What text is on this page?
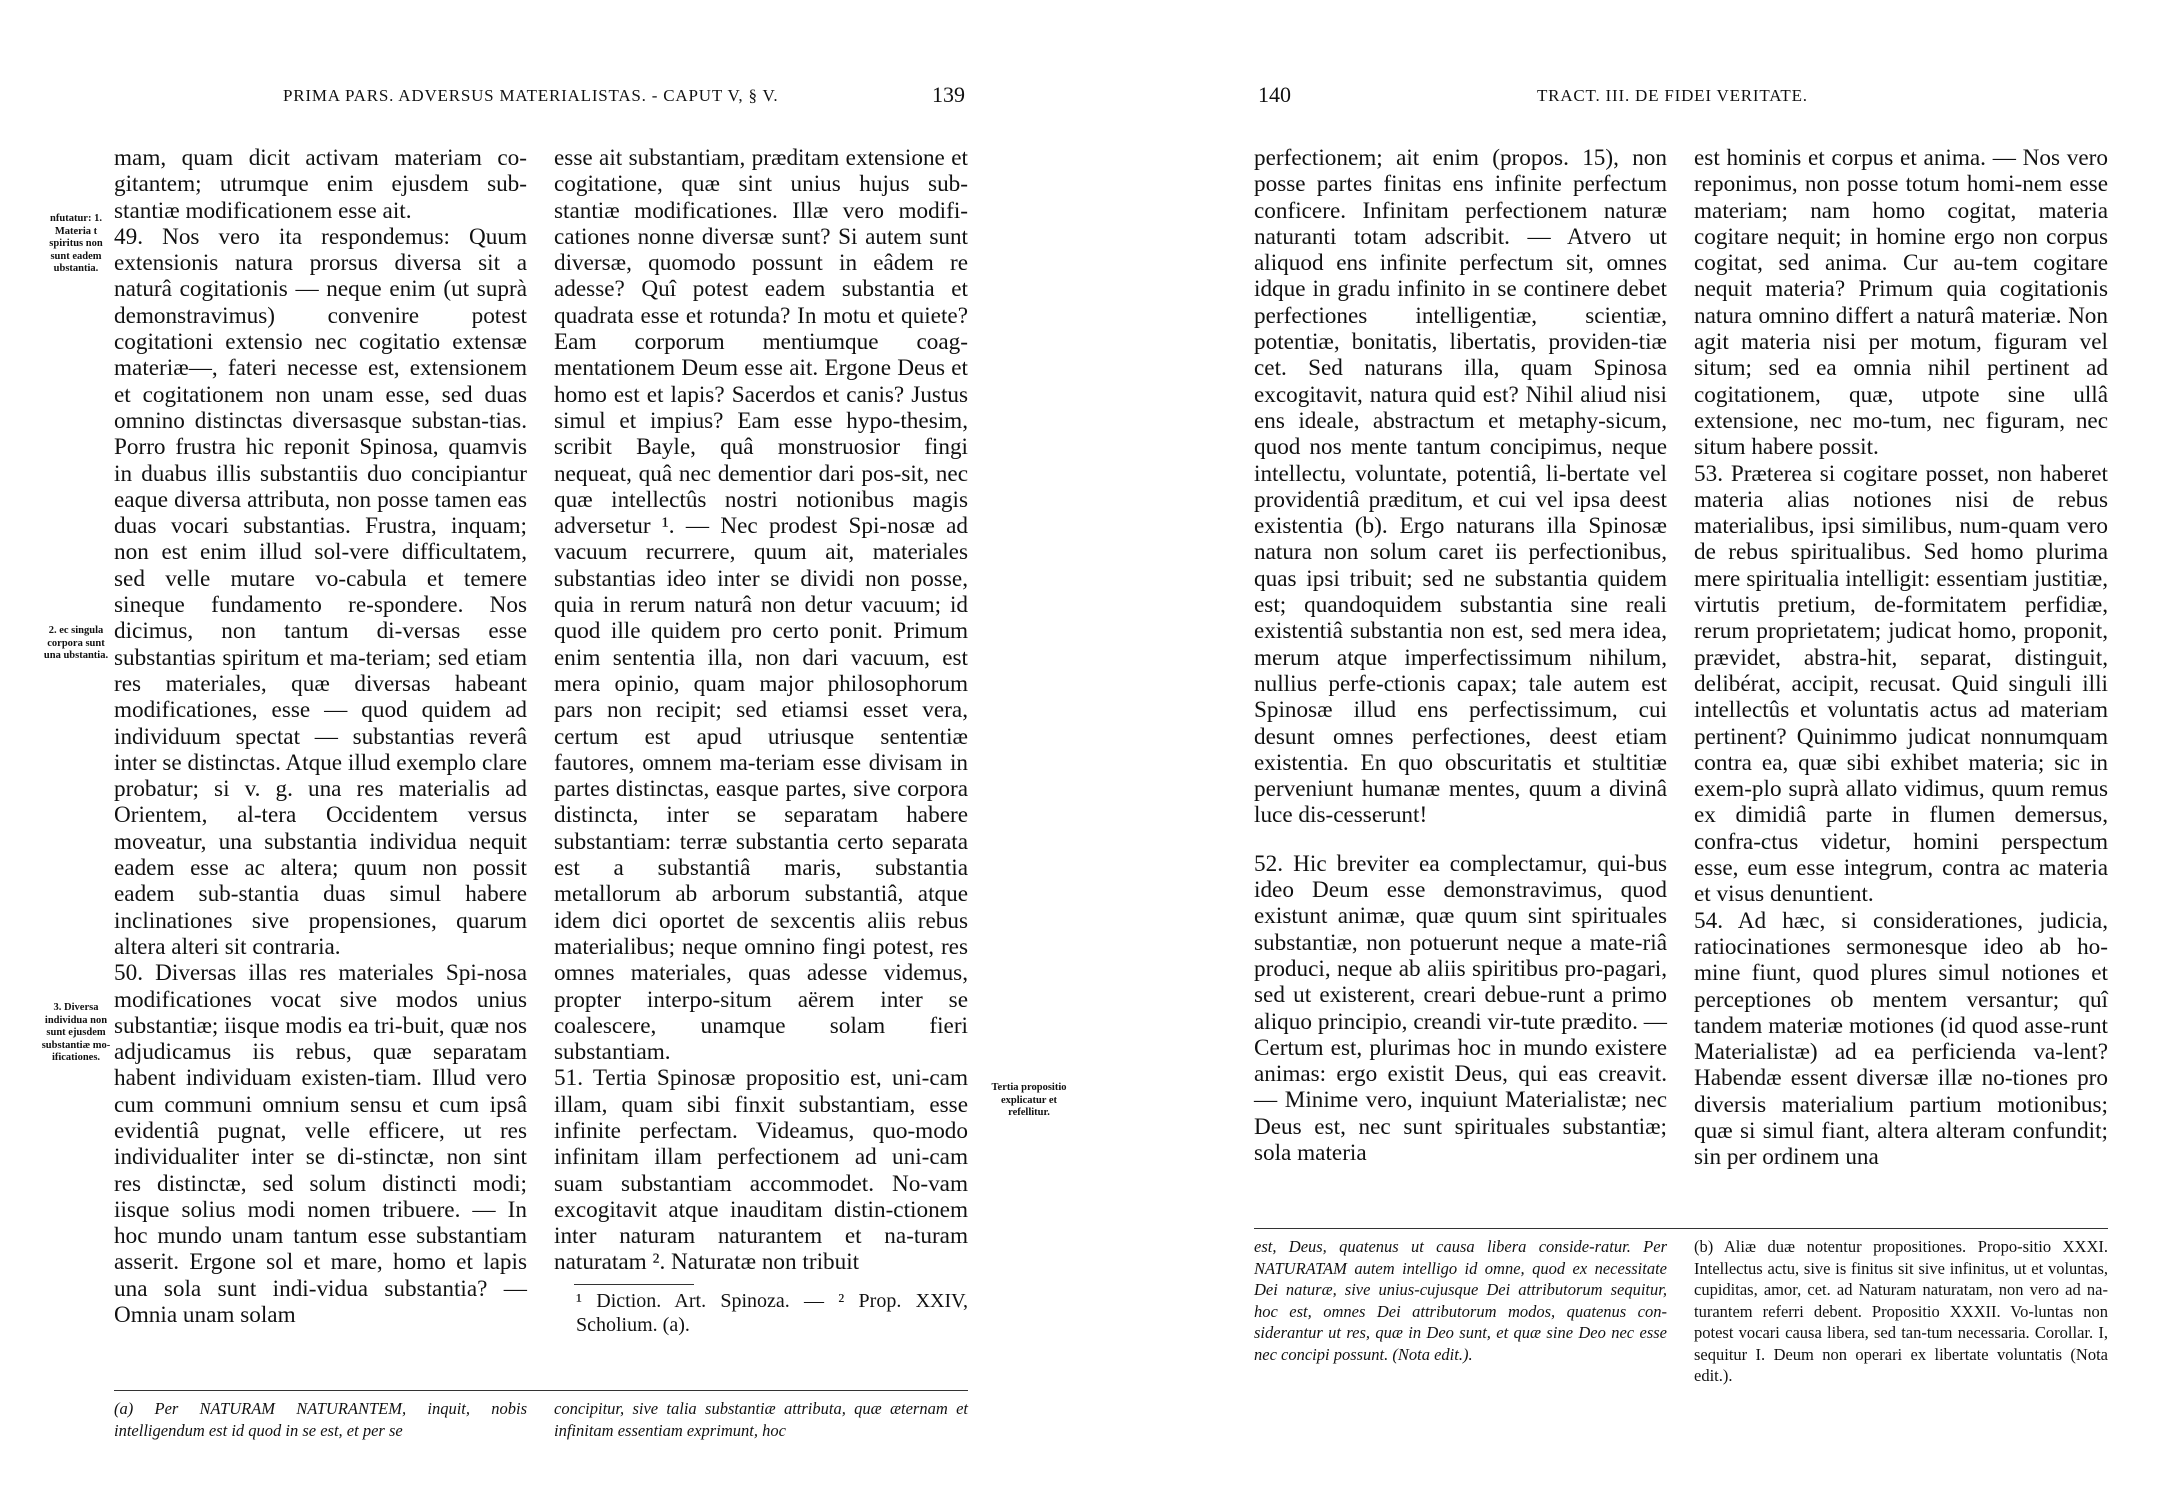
PRIMA PARS. ADVERSUS MATERIALISTAS. - CAPUT V, § V.	139
nfutatur: 1. Materia t spiritus non sunt eadem ubstantia.
2. ec singula corpora sunt una ubstantia.
3. Diversa individua non sunt ejusdem substantiæ mo-ificationes.
Tertia propositio explicatur et refellitur.

mam, quam dicit activam materiam co-gitantem; utrumque enim ejusdem sub-stantiæ modificationem esse ait.

49. Nos vero ita respondemus: Quum extensionis natura prorsus diversa sit a naturâ cogitationis — neque enim (ut suprà demonstravimus) convenire potest cogitationi extensio nec cogitatio extensæ materiæ—, fateri necesse est, extensionem et cogitationem non unam esse, sed duas omnino distinctas diversasque substan-tias. Porro frustra hic reponit Spinosa, quamvis in duabus illis substantiis duo concipiantur eaque diversa attributa, non posse tamen eas duas vocari substantias. Frustra, inquam; non est enim illud sol-vere difficultatem, sed velle mutare vo-cabula et temere sineque fundamento re-spondere. Nos dicimus, non tantum di-versas esse substantias spiritum et ma-teriam; sed etiam res materiales, quæ diversas habeant modificationes, esse — quod quidem ad individuum spectat — substantias reverâ inter se distinctas. Atque illud exemplo clare probatur; si v. g. una res materialis ad Orientem, al-tera Occidentem versus moveatur, una substantia individua nequit eadem esse ac altera; quum non possit eadem sub-stantia duas simul habere inclinationes sive propensiones, quarum altera alteri sit contraria.

50. Diversas illas res materiales Spi-nosa modificationes vocat sive modos unius substantiæ; iisque modis ea tri-buit, quæ nos adjudicamus iis rebus, quæ separatam habent individuam existen-tiam. Illud vero cum communi omnium sensu et cum ipsâ evidentiâ pugnat, velle efficere, ut res individualiter inter se di-stinctæ, non sint res distinctæ, sed solum distincti modi; iisque solius modi nomen tribuere. — In hoc mundo unam tantum esse substantiam asserit. Ergone sol et mare, homo et lapis una sola sunt indi-vidua substantia? — Omnia unam solam

esse ait substantiam, præditam extensione et cogitatione, quæ sint unius hujus sub-stantiæ modificationes. Illæ vero modifi-cationes nonne diversæ sunt? Si autem sunt diversæ, quomodo possunt in eâdem re adesse? Quî potest eadem substantia et quadrata esse et rotunda? In motu et quiete? Eam corporum mentiumque coag-mentationem Deum esse ait. Ergone Deus et homo est et lapis? Sacerdos et canis? Justus simul et impius? Eam esse hypo-thesim, scribit Bayle, quâ monstruosior fingi nequeat, quâ nec dementior dari pos-sit, nec quæ intellectûs nostri notionibus magis adversetur ¹. — Nec prodest Spi-nosæ ad vacuum recurrere, quum ait, materiales substantias ideo inter se dividi non posse, quia in rerum naturâ non detur vacuum; id quod ille quidem pro certo ponit. Primum enim sententia illa, non dari vacuum, est mera opinio, quam major philosophorum pars non recipit; sed etiamsi esset vera, certum est apud utriusque sententiæ fautores, omnem ma-teriam esse divisam in partes distinctas, easque partes, sive corpora distincta, inter se separatam habere substantiam: terræ substantia certo separata est a substantiâ maris, substantia metallorum ab arborum substantiâ, atque idem dici oportet de sexcentis aliis rebus materialibus; neque omnino fingi potest, res omnes materiales, quas adesse videmus, propter interpo-situm aërem inter se coalescere, unamque solam fieri substantiam.

51. Tertia Spinosæ propositio est, uni-cam illam, quam sibi finxit substantiam, esse infinite perfectam. Videamus, quo-modo infinitam illam perfectionem ad uni-cam suam substantiam accommodet. No-vam excogitavit atque inauditam distin-ctionem inter naturam naturantem et na-turam naturatam ². Naturatæ non tribuit

¹ Diction. Art. Spinoza. — ² Prop. XXIV, Scholium. (a).

(a) Per NATURAM NATURANTEM, inquit, nobis intelligendum est id quod in se est, et per se
concipitur, sive talia substantiæ attributa, quæ æternam et infinitam essentiam exprimunt, hoc
140	TRACT. III. DE FIDEI VERITATE.

perfectionem; ait enim (propos. 15), non posse partes finitas ens infinite perfectum conficere. Infinitam perfectionem naturæ naturanti totam adscribit. — Atvero ut aliquod ens infinite perfectum sit, omnes idque in gradu infinito in se continere debet perfectiones intelligentiæ, scientiæ, potentiæ, bonitatis, libertatis, providen-tiæ cet. Sed naturans illa, quam Spinosa excogitavit, natura quid est? Nihil aliud nisi ens ideale, abstractum et metaphy-sicum, quod nos mente tantum concipimus, neque intellectu, voluntate, potentiâ, li-bertate vel providentiâ præditum, et cui vel ipsa deest existentia (b). Ergo naturans illa Spinosæ natura non solum caret iis perfectionibus, quas ipsi tribuit; sed ne substantia quidem est; quandoquidem substantia sine reali existentiâ substantia non est, sed mera idea, merum atque imperfectissimum nihilum, nullius perfe-ctionis capax; tale autem est Spinosæ illud ens perfectissimum, cui desunt omnes perfectiones, deest etiam existentia. En quo obscuritatis et stultitiæ perveniunt humanæ mentes, quum a divinâ luce dis-cesserunt!

52. Hic breviter ea complectamur, qui-bus ideo Deum esse demonstravimus, quod existunt animæ, quæ quum sint spirituales substantiæ, non potuerunt neque a mate-riâ produci, neque ab aliis spiritibus pro-pagari, sed ut existerent, creari debue-runt a primo aliquo principio, creandi vir-tute prædito. — Certum est, plurimas hoc in mundo existere animas: ergo existit Deus, qui eas creavit. — Minime vero, inquiunt Materialistæ; nec Deus est, nec sunt spirituales substantiæ; sola materia

est hominis et corpus et anima. — Nos vero reponimus, non posse totum homi-nem esse materiam; nam homo cogitat, materia cogitare nequit; in homine ergo non corpus cogitat, sed anima. Cur au-tem cogitare nequit materia? Primum quia cogitationis natura omnino differt a naturâ materiæ. Non agit materia nisi per motum, figuram vel situm; sed ea omnia nihil pertinent ad cogitationem, quæ, utpote sine ullâ extensione, nec mo-tum, nec figuram, nec situm habere possit.

53. Præterea si cogitare posset, non haberet materia alias notiones nisi de rebus materialibus, ipsi similibus, num-quam vero de rebus spiritualibus. Sed homo plurima mere spiritualia intelligit: essentiam justitiæ, virtutis pretium, de-formitatem perfidiæ, rerum proprietatem; judicat homo, proponit, prævidet, abstra-hit, separat, distinguit, delibérat, accipit, recusat. Quid singuli illi intellectûs et voluntatis actus ad materiam pertinent? Quinimmo judicat nonnumquam contra ea, quæ sibi exhibet materia; sic in exem-plo suprà allato vidimus, quum remus ex dimidiâ parte in flumen demersus, confra-ctus videtur, homini perspectum esse, eum esse integrum, contra ac materia et visus denuntient.

54. Ad hæc, si considerationes, judicia, ratiocinationes sermonesque ideo ab ho-mine fiunt, quod plures simul notiones et perceptiones ob mentem versantur; quî tandem materiæ motiones (id quod asse-runt Materialistæ) ad ea perficienda va-lent? Habendæ essent diversæ illæ no-tiones pro diversis materialium partium motionibus; quæ si simul fiant, altera alteram confundit; sin per ordinem una

est, Deus, quatenus ut causa libera conside-ratur. Per NATURATAM autem intelligo id omne, quod ex necessitate Dei naturæ, sive unius-cujusque Dei attributorum sequitur, hoc est, omnes Dei attributorum modos, quatenus con-siderantur ut res, quæ in Deo sunt, et quæ sine Deo nec esse nec concipi possunt. (Nota edit.).
(b) Aliæ duæ notentur propositiones. Propo-sitio XXXI. Intellectus actu, sive is finitus sit sive infinitus, ut et voluntas, cupiditas, amor, cet. ad Naturam naturatam, non vero ad na-turantem referri debent. Propositio XXXII. Vo-luntas non potest vocari causa libera, sed tan-tum necessaria. Corollar. I, sequitur I. Deum non operari ex libertate voluntatis (Nota edit.).
